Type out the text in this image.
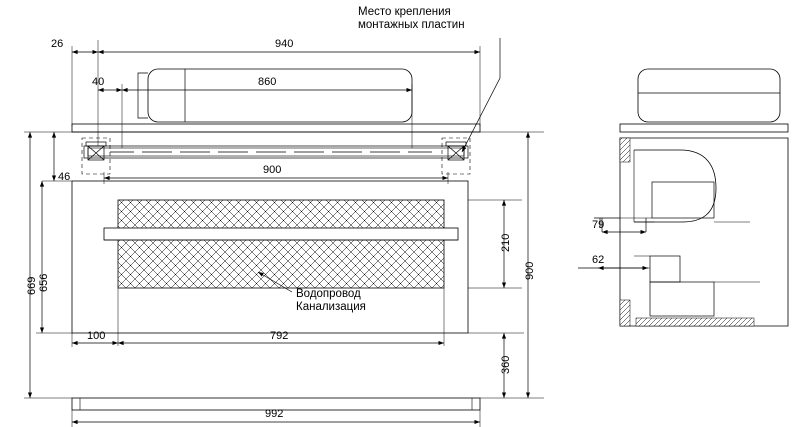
Место крепления
монтажных пластин
Водопровод
Канализация
26	940
40	860
900
46
669 656
210
360
900
100	792
992
79
62
